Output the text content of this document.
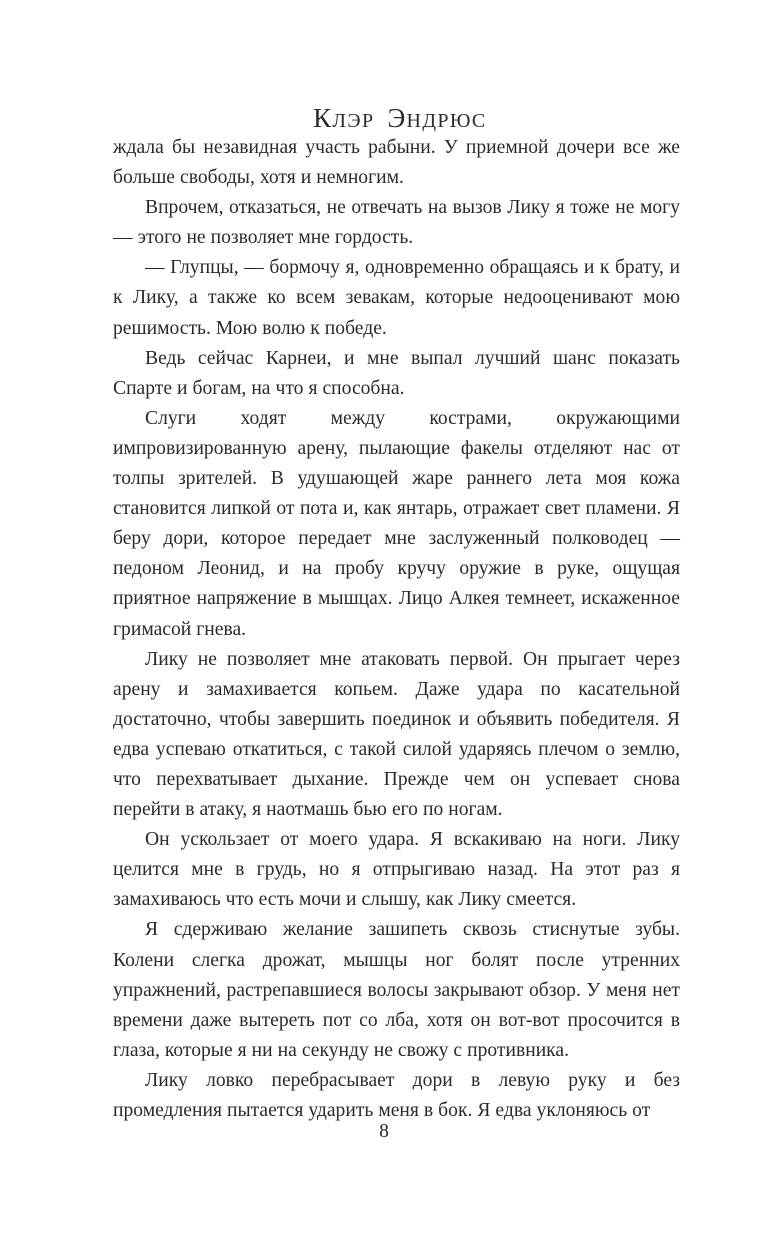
КЛЭР ЭНДРЮС

ждала бы незавидная участь рабыни. У приемной дочери все же больше свободы, хотя и немногим.

Впрочем, отказаться, не отвечать на вызов Лику я тоже не могу — этого не позволяет мне гордость.

— Глупцы, — бормочу я, одновременно обращаясь и к брату, и к Лику, а также ко всем зевакам, которые недооценивают мою решимость. Мою волю к победе.

Ведь сейчас Карнеи, и мне выпал лучший шанс показать Спарте и богам, на что я способна.

Слуги ходят между кострами, окружающими импровизированную арену, пылающие факелы отделяют нас от толпы зрителей. В удушающей жаре раннего лета моя кожа становится липкой от пота и, как янтарь, отражает свет пламени. Я беру дори, которое передает мне заслуженный полководец — педоном Леонид, и на пробу кручу оружие в руке, ощущая приятное напряжение в мышцах. Лицо Алкея темнеет, искаженное гримасой гнева.

Лику не позволяет мне атаковать первой. Он прыгает через арену и замахивается копьем. Даже удара по касательной достаточно, чтобы завершить поединок и объявить победителя. Я едва успеваю откатиться, с такой силой ударяясь плечом о землю, что перехватывает дыхание. Прежде чем он успевает снова перейти в атаку, я наотмашь бью его по ногам.

Он ускользает от моего удара. Я вскакиваю на ноги. Лику целится мне в грудь, но я отпрыгиваю назад. На этот раз я замахиваюсь что есть мочи и слышу, как Лику смеется.

Я сдерживаю желание зашипеть сквозь стиснутые зубы. Колени слегка дрожат, мышцы ног болят после утренних упражнений, растрепавшиеся волосы закрывают обзор. У меня нет времени даже вытереть пот со лба, хотя он вот-вот просочится в глаза, которые я ни на секунду не свожу с противника.

Лику ловко перебрасывает дори в левую руку и без промедления пытается ударить меня в бок. Я едва уклоняюсь от

8
